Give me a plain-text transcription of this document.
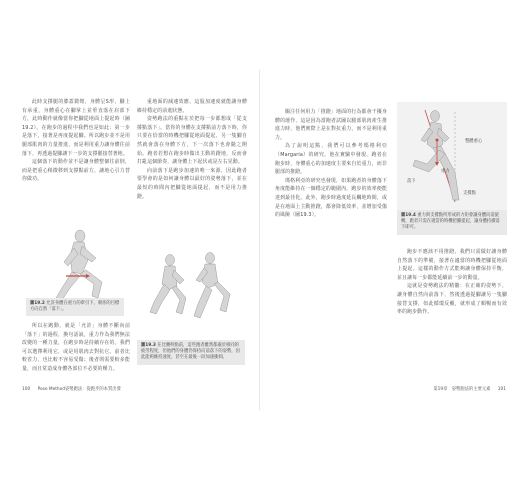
此時支撐腿的膝蓋微彎，身體呈S形，腳上有承重，身體重心在腳掌上並垂直落在肩部下方，此時動作就像當你把腳從地面上提起時（圖19.2）。在跑步的過程中我們也是如此：第一步是落下，接著是再度提起腳。所以跑步並不是用腿部肌肉的力量推進，而是利用重力讓身體往前落下，再透過提腳讓下一步的支撐腿接替著地。

這個落下的動作並不是讓身體整個往前倒，而是把重心稍微移到支撐點前方，讓地心引力替你做功。

圖19.2 允許身體在重力的牽引下，朝你的目標方向自然「落下」。

所以在跑動，就是「允許」身體不斷向前「落下」的過程，換句話說，重力作為我們無法改變的一種力量，在跑步時是持續存在的。我們可以選擇利用它，或是用肌肉去對抗它。前者比較省力，也比較不容易受傷；後者則需要較多能量，而且常造成身體各部位不必要的壓力。

重地面的減速效應，這股加速度就能讓身體維持穩定的前進狀態。

姿勢跑法的重點在於把每一步都想成「從支撐點落下」。當你的身體在支撐點前方落下時，你只要在恰當的時機把腳從地面提起，另一隻腳自然就會落在身體下方，下一次落下也會隨之開始。跑者若想在跑步時做出主動的蹬地，反而會打亂這個節奏，讓身體上下起伏或是左右晃動。

向前落下是跑步加速的唯一來源，因此跑者要學會的是如何讓身體以最好的姿勢落下，並在最短的時間內把腳從地面提起，而不是用力推蹬。

圖19.3 在比賽終點前，這些跑者雖然都處於相同的疲勞程度，但他們的身體仍保持向前落下的姿勢，因此能夠維持速度，甚至在最後一段加速衝刺。
100 Pose Method姿勢跑法：從跑步的本質出發

關注任何用力「推蹬」地面的行為都會干擾身體的運作，這是因為當跑者試圖以腿部肌肉產生推進力時，他們實際上是在對抗重力，而不是利用重力。

為了說明這點，我們可以參考瑪格利亞（Margaria）的研究。他在實驗中發現，跑者在跑步時，身體重心的加速度主要來自於重力，而非腿部的推蹬。

瑪格利亞的研究也發現，如果跑者的身體落下角度能維持在一個穩定的範圍內，跑步的效率便能達到最佳化。此外，跑步時過度延長觸地時間，或是在地面上主動推蹬，都會降低效率，並增加受傷的風險（圖19.3）。

整體重心
落下
重力
支撐點
圖19.4 重力與支撐點所形成的力矩會讓身體向前旋轉，跑者只需在適當的時機把腳提起，讓身體持續落下即可。

跑步不應該不用推蹬，我們只需做好讓身體自然落下的準備，接著在適當的時機把腳從地面上提起。這樣的動作方式能夠讓身體保持平衡，並且讓每一步都能延續前一步的動量。

這就是姿勢跑法的精髓：在正確的姿勢下，讓身體自然向前落下，然後透過提腳讓另一隻腳接替支撐，如此循環反覆，就形成了順暢而有效率的跑步動作。

第19章　姿勢跑法的主要元素 101
